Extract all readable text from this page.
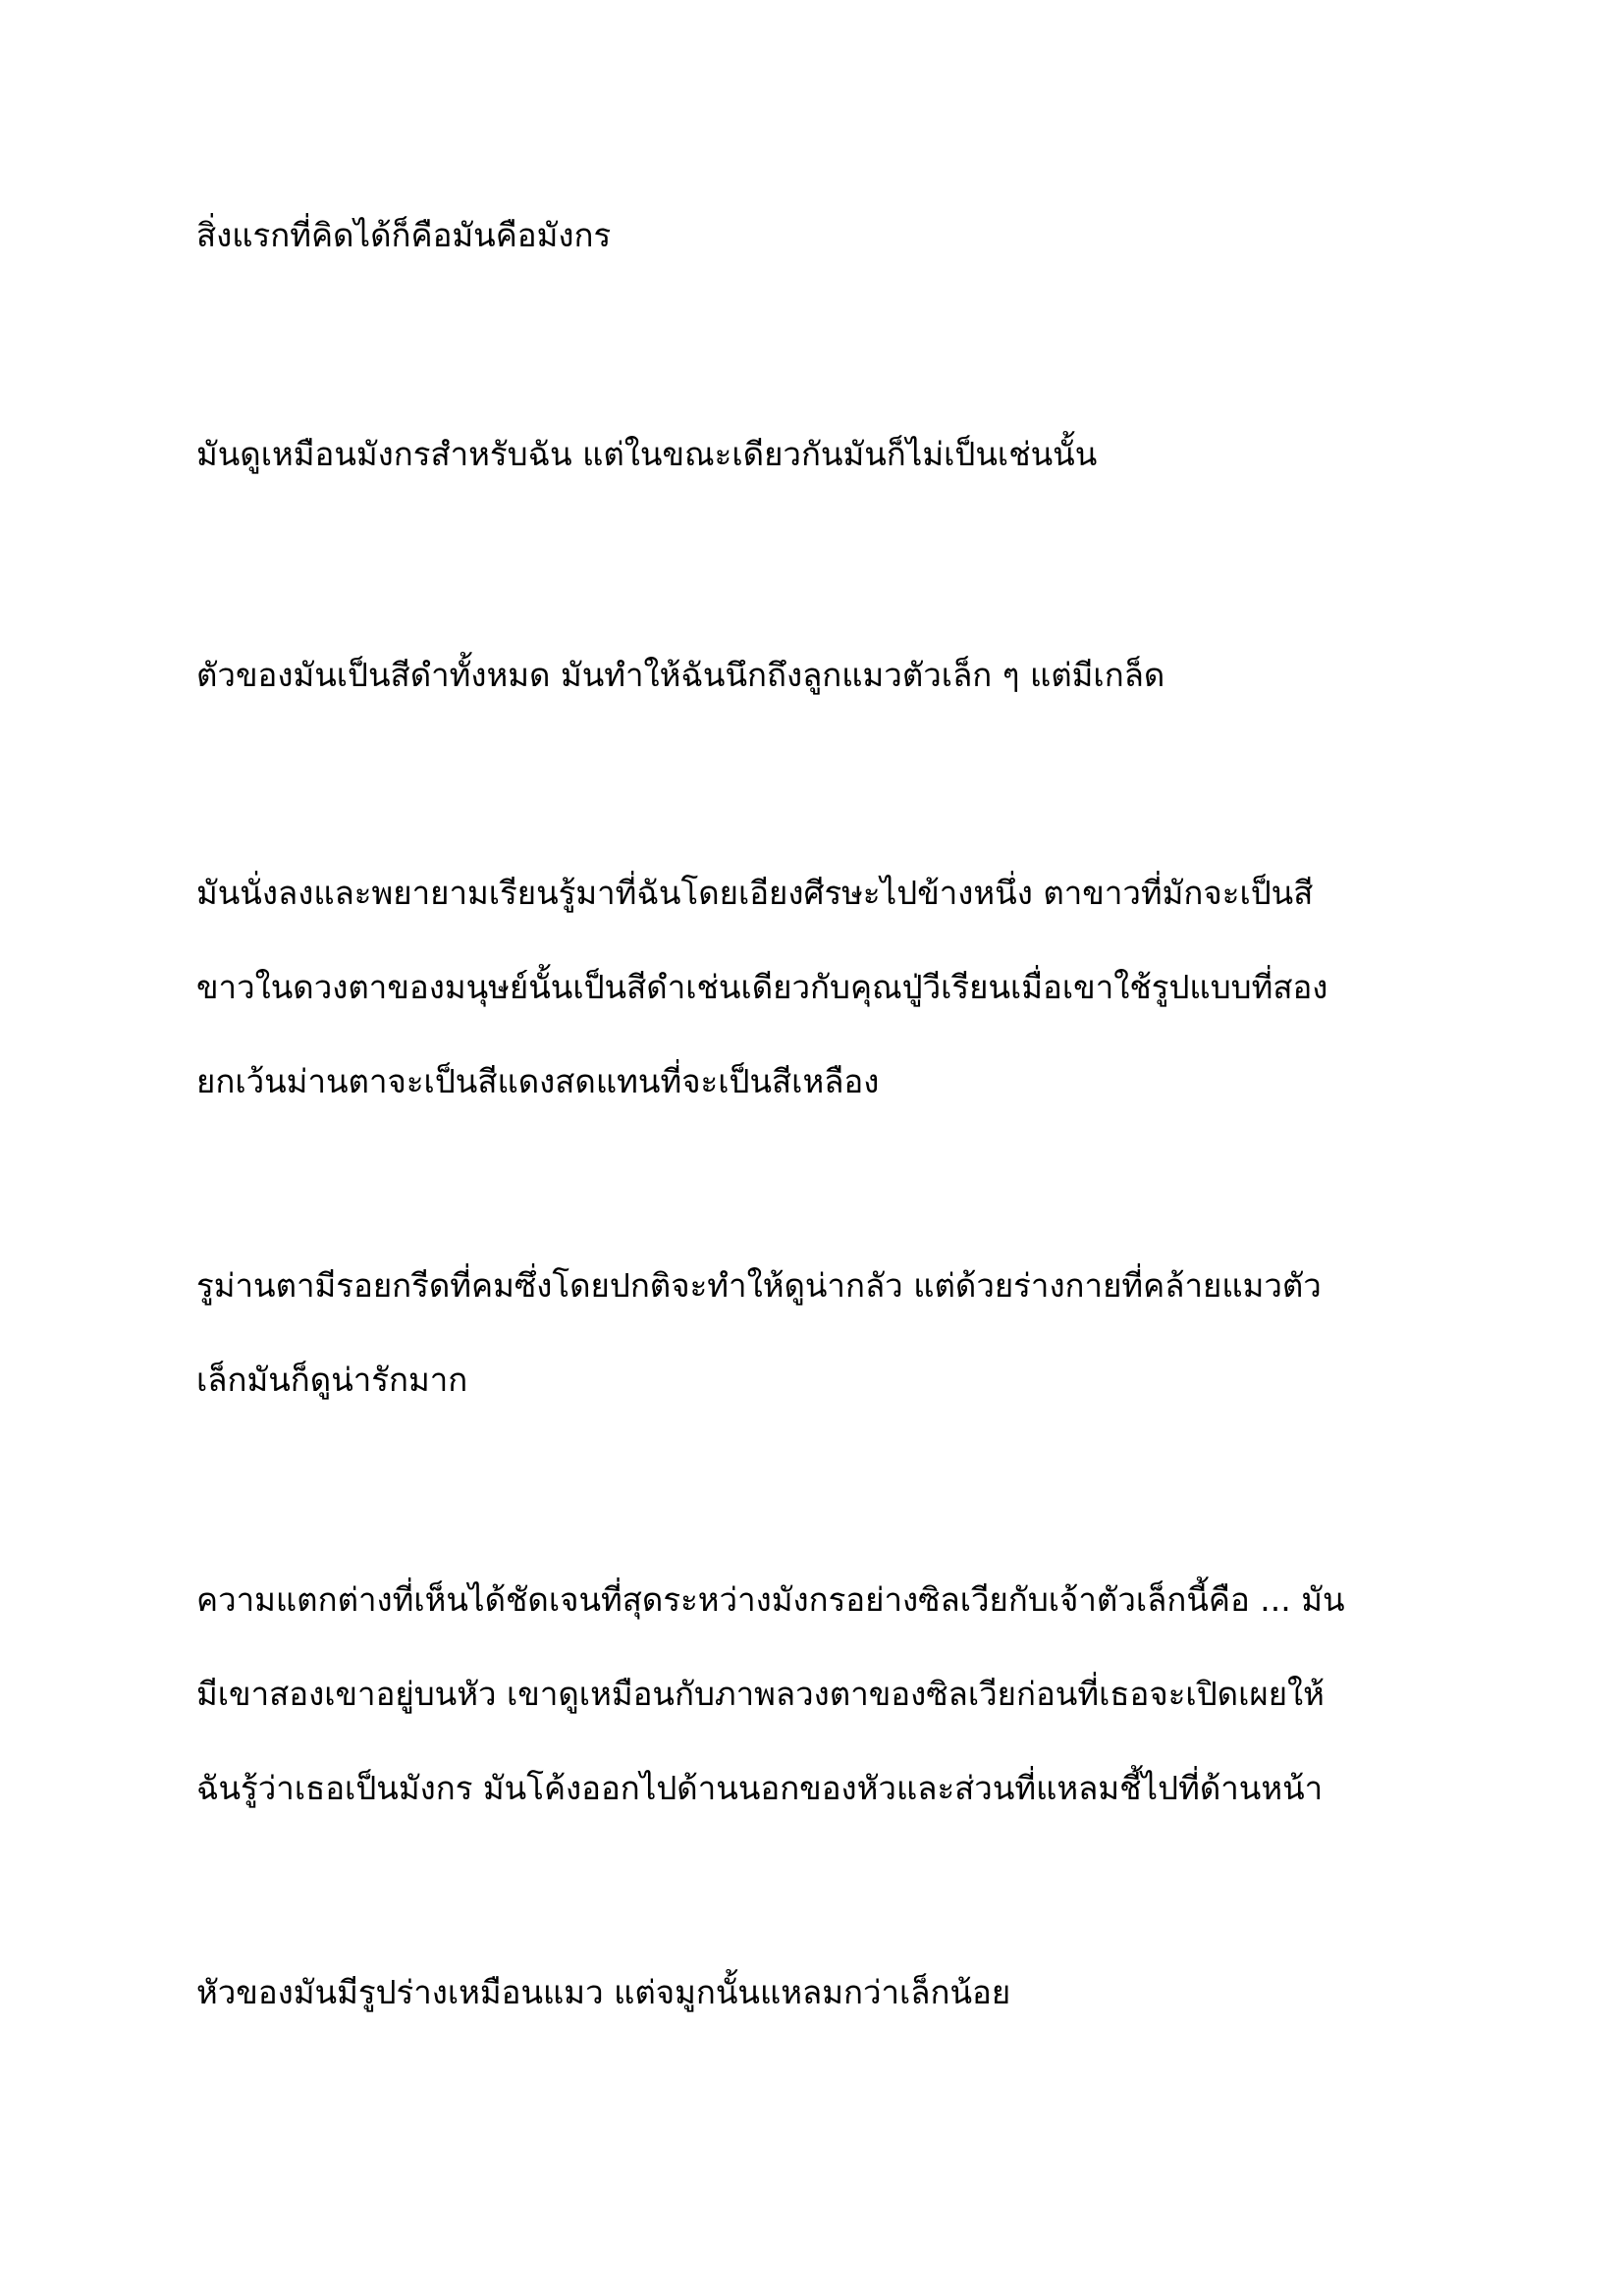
สิ่งแรกที่คิดได้ก็คือมันคือมังกร

มันดูเหมือนมังกรสำหรับฉัน แต่ในขณะเดียวกันมันก็ไม่เป็นเช่นนั้น

ตัวของมันเป็นสีดำทั้งหมด มันทำให้ฉันนึกถึงลูกแมวตัวเล็ก ๆ แต่มีเกล็ด

มันนั่งลงและพยายามเรียนรู้มาที่ฉันโดยเอียงศีรษะไปข้างหนึ่ง ตาขาวที่มักจะเป็นสี
ขาวในดวงตาของมนุษย์นั้นเป็นสีดำเช่นเดียวกับคุณปู่วีเรียนเมื่อเขาใช้รูปแบบที่สอง
ยกเว้นม่านตาจะเป็นสีแดงสดแทนที่จะเป็นสีเหลือง

รูม่านตามีรอยกรีดที่คมซึ่งโดยปกติจะทำให้ดูน่ากลัว แต่ด้วยร่างกายที่คล้ายแมวตัว
เล็กมันก็ดูน่ารักมาก

ความแตกต่างที่เห็นได้ชัดเจนที่สุดระหว่างมังกรอย่างซิลเวียกับเจ้าตัวเล็กนี้คือ ... มัน
มีเขาสองเขาอยู่บนหัว เขาดูเหมือนกับภาพลวงตาของซิลเวียก่อนที่เธอจะเปิดเผยให้
ฉันรู้ว่าเธอเป็นมังกร มันโค้งออกไปด้านนอกของหัวและส่วนที่แหลมชี้ไปที่ด้านหน้า

หัวของมันมีรูปร่างเหมือนแมว แต่จมูกนั้นแหลมกว่าเล็กน้อย
